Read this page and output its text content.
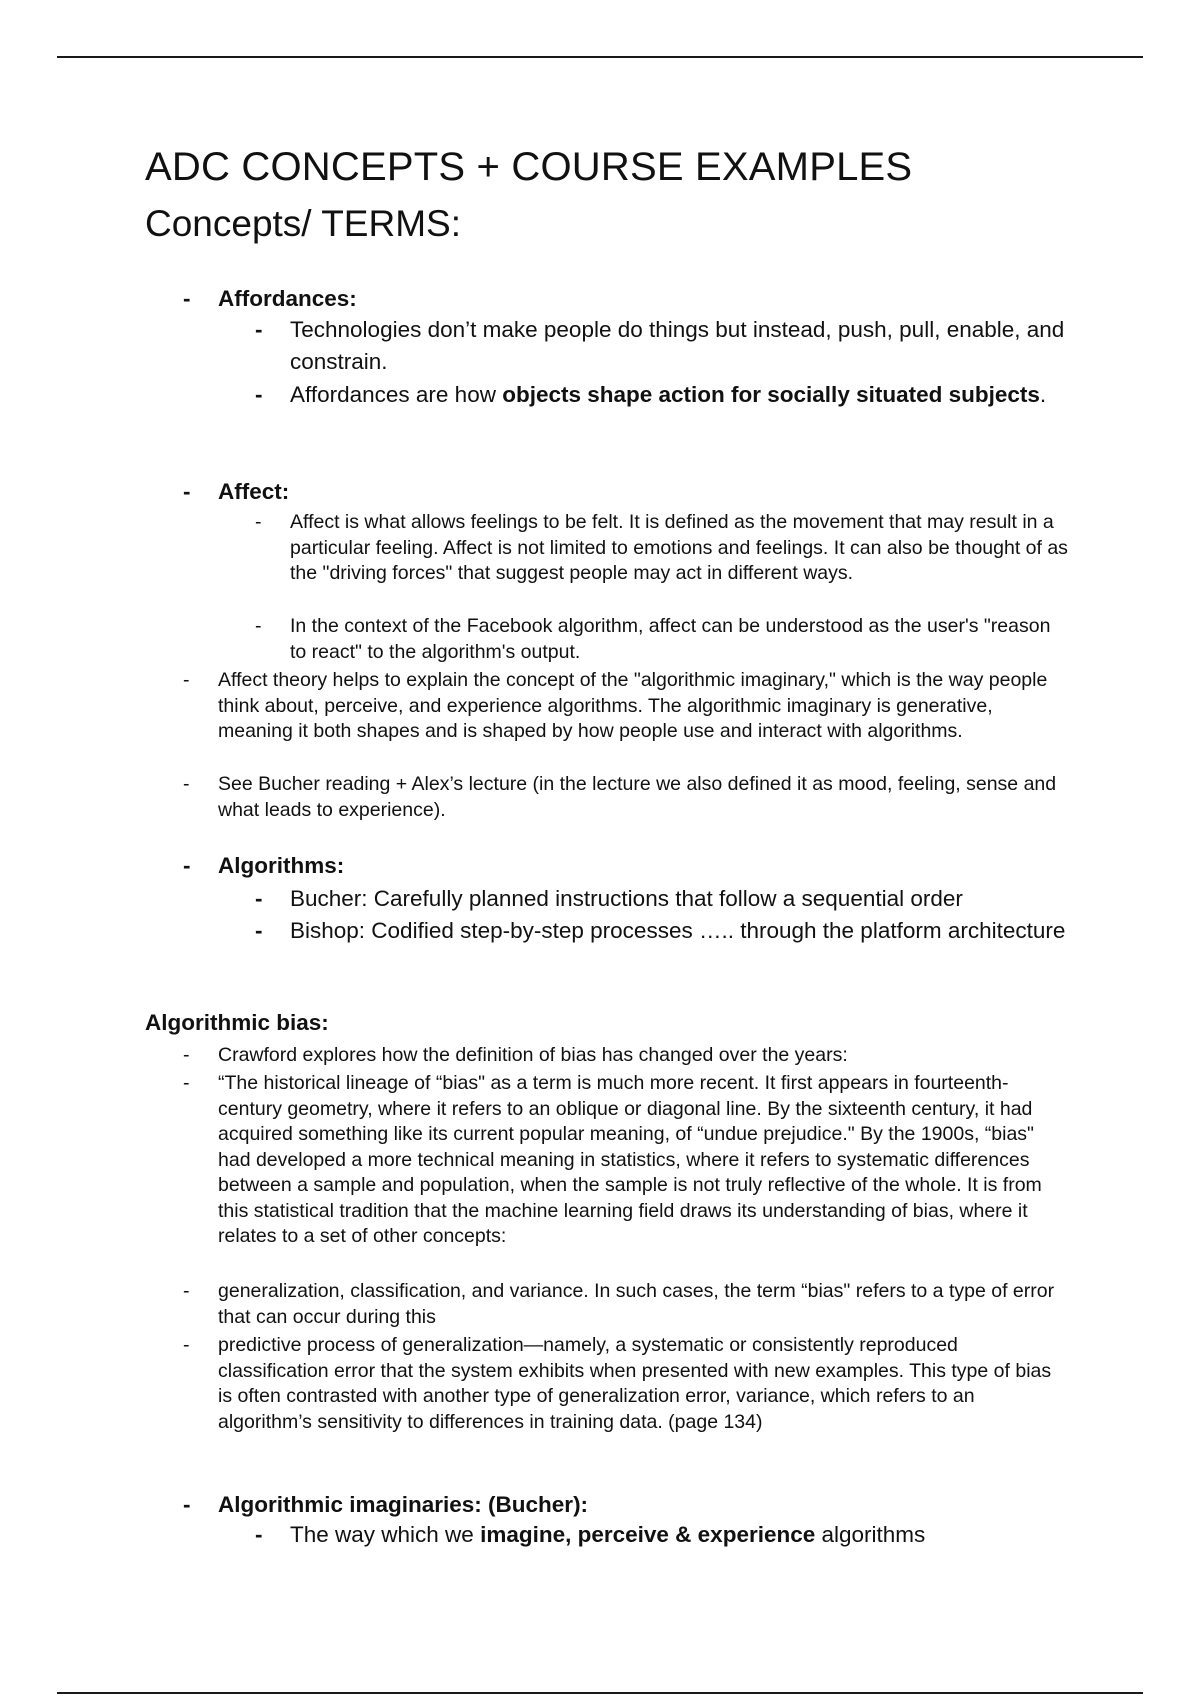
ADC CONCEPTS + COURSE EXAMPLES
Concepts/ TERMS:
- Affordances:
- Technologies don’t make people do things but instead, push, pull, enable, and constrain.
- Affordances are how objects shape action for socially situated subjects.
- Affect:
- Affect is what allows feelings to be felt. It is defined as the movement that may result in a particular feeling. Affect is not limited to emotions and feelings. It can also be thought of as the "driving forces" that suggest people may act in different ways.
- In the context of the Facebook algorithm, affect can be understood as the user's "reason to react" to the algorithm's output.
- Affect theory helps to explain the concept of the "algorithmic imaginary," which is the way people think about, perceive, and experience algorithms. The algorithmic imaginary is generative, meaning it both shapes and is shaped by how people use and interact with algorithms.
- See Bucher reading + Alex’s lecture (in the lecture we also defined it as mood, feeling, sense and what leads to experience).
- Algorithms:
- Bucher: Carefully planned instructions that follow a sequential order
- Bishop: Codified step-by-step processes ….. through the platform architecture
Algorithmic bias:
- Crawford explores how the definition of bias has changed over the years:
- “The historical lineage of “bias" as a term is much more recent. It first appears in fourteenth-century geometry, where it refers to an oblique or diagonal line. By the sixteenth century, it had acquired something like its current popular meaning, of “undue prejudice." By the 1900s, “bias" had developed a more technical meaning in statistics, where it refers to systematic differences between a sample and population, when the sample is not truly reflective of the whole. It is from this statistical tradition that the machine learning field draws its understanding of bias, where it relates to a set of other concepts:
- generalization, classification, and variance. In such cases, the term “bias" refers to a type of error that can occur during this
- predictive process of generalization—namely, a systematic or consistently reproduced classification error that the system exhibits when presented with new examples. This type of bias is often contrasted with another type of generalization error, variance, which refers to an algorithm’s sensitivity to differences in training data. (page 134)
- Algorithmic imaginaries: (Bucher):
- The way which we imagine, perceive & experience algorithms
